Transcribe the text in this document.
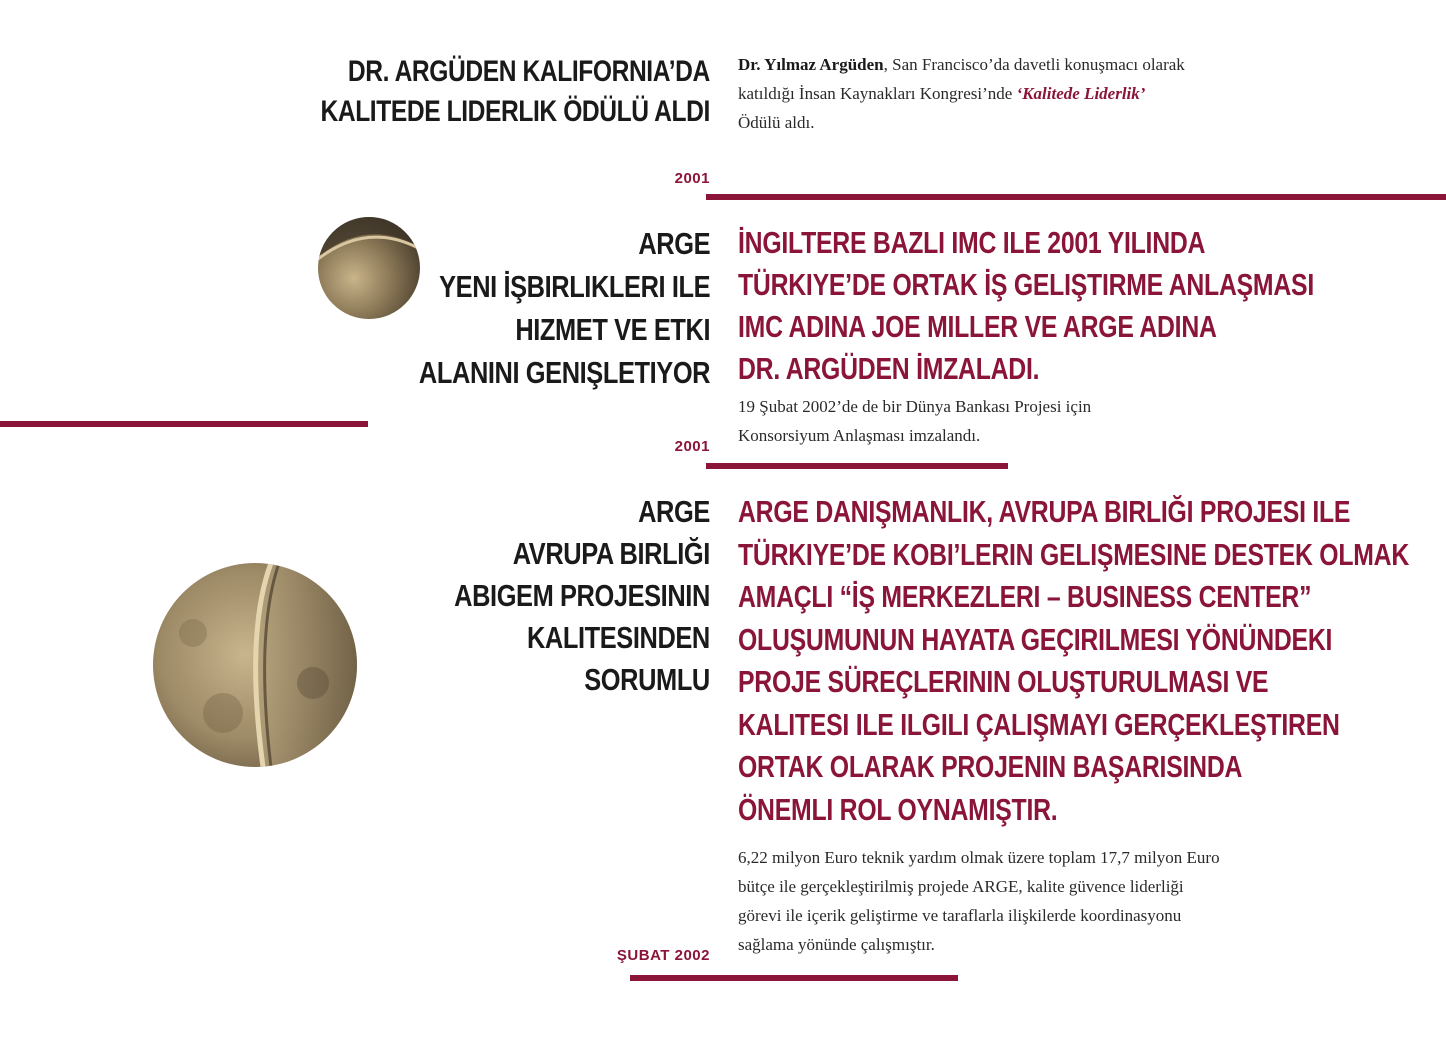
DR. ARGÜDEN KALIFORNIA’DA
KALITEDE LIDERLIK ÖDÜLÜ ALDI
Dr. Yılmaz Argüden, San Francisco’da davetli konuşmacı olarak
katıldığı İnsan Kaynakları Kongresi’nde ‘Kalitede Liderlik’
Ödülü aldı.
2001
ARGE
YENI İŞBIRLIKLERI ILE
HIZMET VE ETKI
ALANINI GENIŞLETIYOR
İNGILTERE BAZLI IMC ILE 2001 YILINDA
TÜRKIYE’DE ORTAK İŞ GELIŞTIRME ANLAŞMASI
IMC ADINA JOE MILLER VE ARGE ADINA
DR. ARGÜDEN İMZALADI.
19 Şubat 2002’de de bir Dünya Bankası Projesi için
Konsorsiyum Anlaşması imzalandı.
2001
ARGE
AVRUPA BIRLIĞI
ABIGEM PROJESININ
KALITESINDEN
SORUMLU
ARGE DANIŞMANLIK, AVRUPA BIRLIĞI PROJESI ILE
TÜRKIYE’DE KOBI’LERIN GELIŞMESINE DESTEK OLMAK
AMAÇLI “İŞ MERKEZLERI – BUSINESS CENTER”
OLUŞUMUNUN HAYATA GEÇIRILMESI YÖNÜNDEKI
PROJE SÜREÇLERININ OLUŞTURULMASI VE
KALITESI ILE ILGILI ÇALIŞMAYI GERÇEKLEŞTIREN
ORTAK OLARAK PROJENIN BAŞARISINDA
ÖNEMLI ROL OYNAMIŞTIR.
6,22 milyon Euro teknik yardım olmak üzere toplam 17,7 milyon Euro
bütçe ile gerçekleştirilmiş projede ARGE, kalite güvence liderliği
görevi ile içerik geliştirme ve taraflarla ilişkilerde koordinasyonu
sağlama yönünde çalışmıştır.
ŞUBAT 2002
